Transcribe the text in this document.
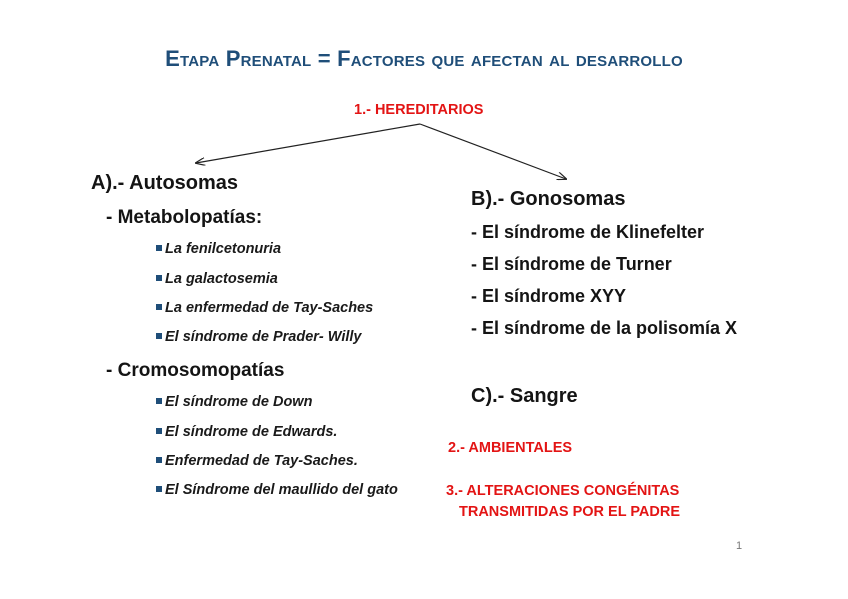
Etapa Prenatal = Factores que afectan al desarrollo
1.- HEREDITARIOS
A).- Autosomas
- Metabolopatías:
La fenilcetonuria
La galactosemia
La enfermedad de Tay-Saches
El síndrome de Prader- Willy
- Cromosomopatías
El síndrome de Down
El síndrome de Edwards.
Enfermedad de Tay-Saches.
El Síndrome del maullido del gato
B).- Gonosomas
- El síndrome de Klinefelter
- El síndrome de Turner
- El síndrome XYY
- El síndrome de la polisomía X
C).- Sangre
2.- AMBIENTALES
3.- ALTERACIONES CONGÉNITAS
TRANSMITIDAS POR EL PADRE
1
